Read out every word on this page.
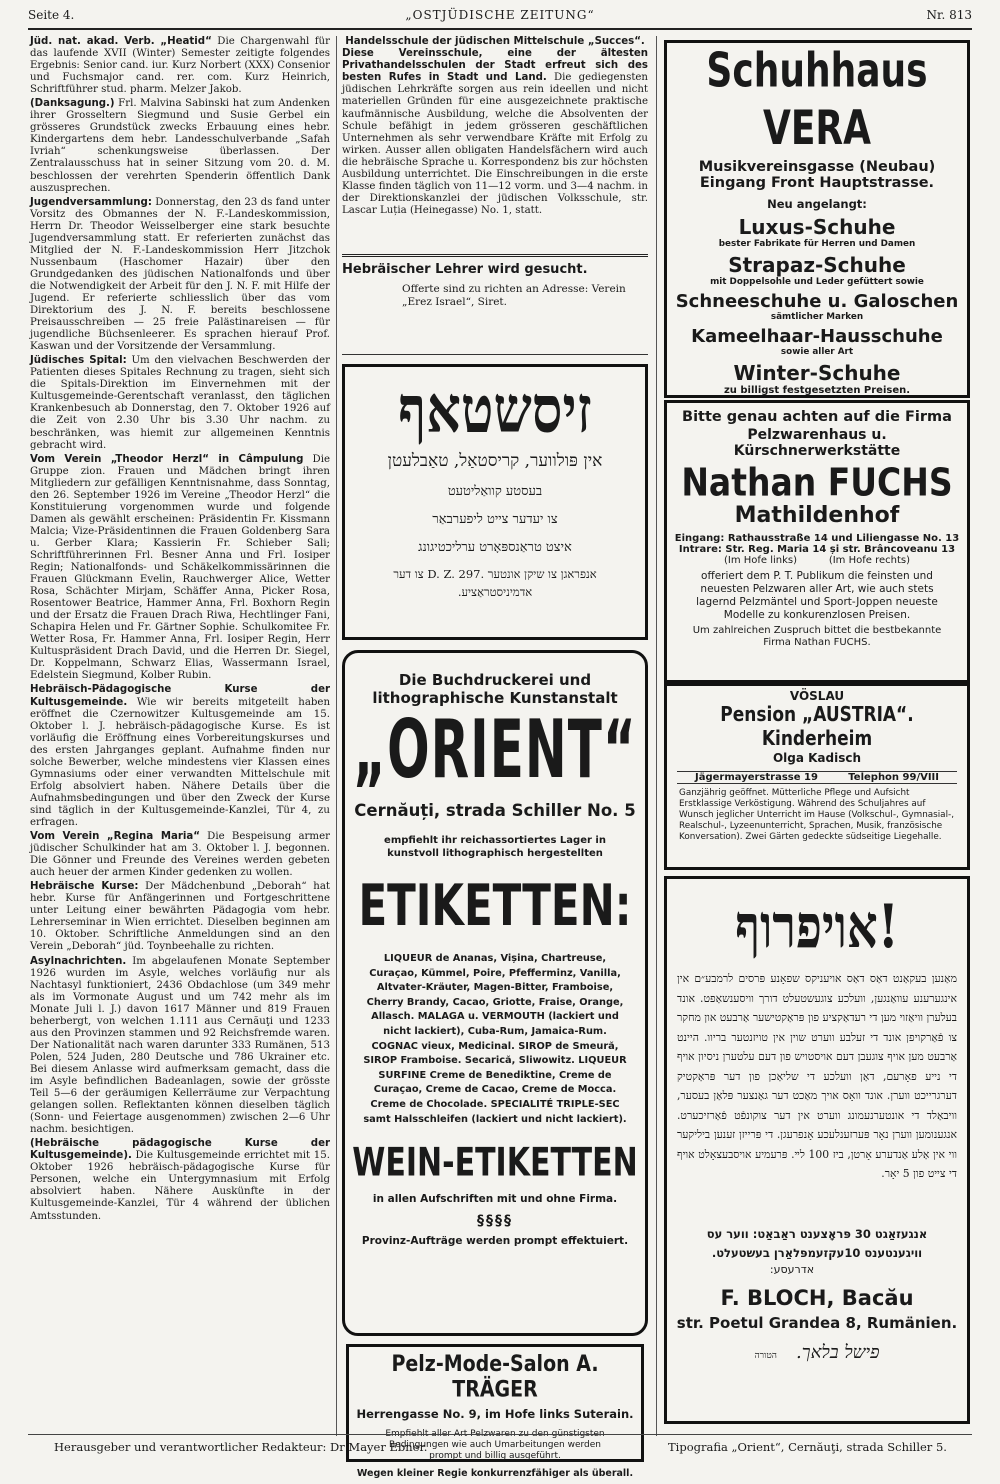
Seite 4.	„OSTJÜDISCHE ZEITUNG“	Nr. 813

Jüd. nat. akad. Verb. „Heatid“ Die Chargenwahl für das laufende XVII (Winter) Semester zeitigte folgendes Ergebnis: Senior cand. iur. Kurz Norbert (XXX) Consenior und Fuchsmajor cand. rer. com. Kurz Heinrich, Schriftführer stud. pharm. Melzer Jakob.

(Danksagung.) Frl. Malvina Sabinski hat zum Andenken ihrer Grosseltern Siegmund und Susie Gerbel ein grösseres Grundstück zwecks Erbauung eines hebr. Kindergartens dem hebr. Landesschulverbande „Safah Ivriah“ schenkungsweise überlassen. Der Zentralausschuss hat in seiner Sitzung vom 20. d. M. beschlossen der verehrten Spenderin öffentlich Dank auszusprechen.

Jugendversammlung: Donnerstag, den 23 ds fand unter Vorsitz des Obmannes der N. F.-Landeskommission, Herrn Dr. Theodor Weisselberger eine stark besuchte Jugendversammlung statt. Er referierten zunächst das Mitglied der N. F.-Landeskommission Herr Jitzchok Nussenbaum (Haschomer Hazair) über den Grundgedanken des jüdischen Nationalfonds und über die Notwendigkeit der Arbeit für den J. N. F. mit Hilfe der Jugend. Er referierte schliesslich über das vom Direktorium des J. N. F. bereits beschlossene Preisausschreiben — 25 freie Palästinareisen — für jugendliche Büchsenleerer. Es sprachen hierauf Prof. Kaswan und der Vorsitzende der Versammlung.

Jüdisches Spital: Um den vielvachen Beschwerden der Patienten dieses Spitales Rechnung zu tragen, sieht sich die Spitals-Direktion im Einvernehmen mit der Kultusgemeinde-Gerentschaft veranlasst, den täglichen Krankenbesuch ab Donnerstag, den 7. Oktober 1926 auf die Zeit von 2.30 Uhr bis 3.30 Uhr nachm. zu beschränken, was hiemit zur allgemeinen Kenntnis gebracht wird.

Vom Verein „Theodor Herzl“ in Câmpulung Die Gruppe zion. Frauen und Mädchen bringt ihren Mitgliedern zur gefälligen Kenntnisnahme, dass Sonntag, den 26. September 1926 im Vereine „Theodor Herzl“ die Konstituierung vorgenommen wurde und folgende Damen als gewählt erscheinen: Präsidentin Fr. Kissmann Malcia; Vize-Präsidentinnen die Frauen Goldenberg Sara u. Gerber Klara; Kassierin Fr. Schieber Sali; Schriftführerinnen Frl. Besner Anna und Frl. Iosiper Regin; Nationalfonds- und Schäkelkommissärinnen die Frauen Glückmann Evelin, Rauchwerger Alice, Wetter Rosa, Schächter Mirjam, Schäffer Anna, Picker Rosa, Rosentower Beatrice, Hammer Anna, Frl. Boxhorn Regin und der Ersatz die Frauen Drach Riwa, Hechtlinger Fani, Schapira Helen und Fr. Gärtner Sophie. Schulkomitee Fr. Wetter Rosa, Fr. Hammer Anna, Frl. Iosiper Regin, Herr Kultuspräsident Drach David, und die Herren Dr. Siegel, Dr. Koppelmann, Schwarz Elias, Wassermann Israel, Edelstein Siegmund, Kolber Rubin.

Hebräisch-Pädagogische Kurse der Kultusgemeinde. Wie wir bereits mitgeteilt haben eröffnet die Czernowitzer Kultusgemeinde am 15. Oktober l. J. hebräisch-pädagogische Kurse. Es ist vorläufig die Eröffnung eines Vorbereitungskurses und des ersten Jahrganges geplant. Aufnahme finden nur solche Bewerber, welche mindestens vier Klassen eines Gymnasiums oder einer verwandten Mittelschule mit Erfolg absolviert haben. Nähere Details über die Aufnahmsbedingungen und über den Zweck der Kurse sind täglich in der Kultusgemeinde-Kanzlei, Tür 4, zu erfragen.

Vom Verein „Regina Maria“ Die Bespeisung armer jüdischer Schulkinder hat am 3. Oktober l. J. begonnen. Die Gönner und Freunde des Vereines werden gebeten auch heuer der armen Kinder gedenken zu wollen.

Hebräische Kurse: Der Mädchenbund „Deborah“ hat hebr. Kurse für Anfängerinnen und Fortgeschrittene unter Leitung einer bewährten Pädagogia vom hebr. Lehrerseminar in Wien errichtet. Dieselben beginnen am 10. Oktober. Schriftliche Anmeldungen sind an den Verein „Deborah“ jüd. Toynbeehalle zu richten.

Asylnachrichten. Im abgelaufenen Monate September 1926 wurden im Asyle, welches vorläufig nur als Nachtasyl funktioniert, 2436 Obdachlose (um 349 mehr als im Vormonate August und um 742 mehr als im Monate Juli l. J.) davon 1617 Männer und 819 Frauen beherbergt, von welchen 1.111 aus Cernăuţi und 1233 aus den Provinzen stammen und 92 Reichsfremde waren. Der Nationalität nach waren darunter 333 Rumänen, 513 Polen, 524 Juden, 280 Deutsche und 786 Ukrainer etc. Bei diesem Anlasse wird aufmerksam gemacht, dass die im Asyle befindlichen Badeanlagen, sowie der grösste Teil 5—6 der geräumigen Kellerräume zur Verpachtung gelangen sollen. Reflektanten können dieselben täglich (Sonn- und Feiertage ausgenommen) zwischen 2—6 Uhr nachm. besichtigen.

(Hebräische pädagogische Kurse der Kultusgemeinde). Die Kultusgemeinde errichtet mit 15. Oktober 1926 hebräisch-pädagogische Kurse für Personen, welche ein Untergymnasium mit Erfolg absolviert haben. Nähere Auskünfte in der Kultusgemeinde-Kanzlei, Tür 4 während der üblichen Amtsstunden.

Handelsschule der jüdischen Mittelschule „Succes“.
Diese Vereinsschule, eine der ältesten Privathandelsschulen der Stadt erfreut sich des besten Rufes in Stadt und Land. Die gediegensten jüdischen Lehrkräfte sorgen aus rein ideellen und nicht materiellen Gründen für eine ausgezeichnete praktische kaufmännische Ausbildung, welche die Absolventen der Schule befähigt in jedem grösseren geschäftlichen Unternehmen als sehr verwendbare Kräfte mit Erfolg zu wirken. Ausser allen obligaten Handelsfächern wird auch die hebräische Sprache u. Korrespondenz bis zur höchsten Ausbildung unterrichtet. Die Einschreibungen in die erste Klasse finden täglich von 11—12 vorm. und 3—4 nachm. in der Direktionskanzlei der jüdischen Volksschule, str. Lascar Luția (Heinegasse) No. 1, statt.
Hebräischer Lehrer wird gesucht.
Offerte sind zu richten an Adresse: Verein „Erez Israel“, Siret.
זיסשטאף
אין פּולווער, קריסטאַל, טאַבלעטן
בעסטע קוואַליטעט
צו יעדער צייט ליפערבאַר
איצט טראַנספּאָרט ערליכטיגונג
אנפראגן צו שיקן אונטער .D. Z. 297 צו דער
אדמיניסטראַציע.
Die Buchdruckerei und
lithographische Kunstanstalt
„ORIENT“
Cernăuți, strada Schiller No. 5
empfiehlt ihr reichassortiertes Lager in kunstvoll lithographisch hergestellten
ETIKETTEN:
LIQUEUR de Ananas, Vișina, Chartreuse, Curaçao, Kümmel, Poire, Pfefferminz, Vanilla, Altvater-Kräuter, Magen-Bitter, Framboise, Cherry Brandy, Cacao, Griotte, Fraise, Orange, Allasch. MALAGA u. VERMOUTH (lackiert und nicht lackiert), Cuba-Rum, Jamaica-Rum. COGNAC vieux, Medicinal. SIROP de Smeură, SIROP Framboise. Secarică, Sliwowitz. LIQUEUR SURFINE Creme de Benediktine, Creme de Curaçao, Creme de Cacao, Creme de Mocca. Creme de Chocolade. SPECIALITÉ TRIPLE-SEC samt Halsschleifen (lackiert und nicht lackiert).
WEIN-ETIKETTEN
in allen Aufschriften mit und ohne Firma.
§§§§
Provinz-Aufträge werden prompt effektuiert.
Pelz-Mode-Salon A. TRÄGER
Herrengasse No. 9, im Hofe links Suterain.
Empfiehlt aller Art Pelzwaren zu den günstigsten Bedingungen wie auch Umarbeitungen werden prompt und billig ausgeführt.
Wegen kleiner Regie konkurrenzfähiger als überall.
Schuhhaus VERA
Musikvereinsgasse (Neubau)
Eingang Front Hauptstrasse.
Neu angelangt:
Luxus-Schuhe
bester Fabrikate für Herren und Damen
Strapaz-Schuhe
mit Doppelsohle und Leder gefüttert sowie
Schneeschuhe u. Galoschen
sämtlicher Marken
Kameelhaar-Hausschuhe
sowie aller Art
Winter-Schuhe
zu billigst festgesetzten Preisen.
Bitte genau achten auf die Firma
Pelzwarenhaus u. Kürschnerwerkstätte
Nathan FUCHS
Mathildenhof
Eingang: Rathausstraße 14 und Liliengasse No. 13
Intrare: Str. Reg. Maria 14 și str. Brâncoveanu 13
(Im Hofe links)          (Im Hofe rechts)
offeriert dem P. T. Publikum die feinsten und neuesten Pelzwaren aller Art, wie auch stets lagernd Pelzmäntel und Sport-Joppen neueste Modelle zu konkurenzlosen Preisen.
Um zahlreichen Zuspruch bittet die bestbekannte Firma Nathan FUCHS.
VÖSLAU
Pension „AUSTRIA“. Kinderheim
Olga Kadisch
Jägermayerstrasse 19	Telephon 99/VIII
Ganzjährig geöffnet. Mütterliche Pflege und Aufsicht Erstklassige Verköstigung. Während des Schuljahres auf Wunsch jeglicher Unterricht im Hause (Volkschul-, Gymnasial-, Realschul-, Lyzeenunterricht, Sprachen, Musik, französische Konversation). Zwei Gärten gedeckte südseitige Liegehalle.
!אויפרוף
מאַנען בעקאַנט דאַס דאַס אויעניקס שפאָנע פּרסים לרמבע״ם אין אינגערענע עוואַנגען, וועלכע צוגעשטעלט דורך וויסענשאַפט. אונד בעלערן וויאַזוי מען די רעדאַקציע פון פּראַקטישער אַרבעט און מחקר צו פֿאַרקויפן אונד די זעלבע ווערט שוין אין טויזנטער בריוו. היינט אַרבעט מען אויף צוגעבן דעם אויסטויש פון דעם עלטערן ניסיון אויף די נייע פאָרעם, דאַן וועלכע די שליאַכן פון דער פּראַקטיק דערגרייכט ווערן. אונד וואָס אויך מאַכט דער גאַנצער פּלאַן בעסער, וויבאַלד די אונטערנעמונג ווערט אין דער צוקונפֿט פֿאַרזיכערט. אנגענומען ווערן נאָר פּערזענלעכע אָנפרעגן. די פּרייזן זענען ביליקער ווי אין אַלע אַנדערע אָרטן, ביז 100 לײ. פּרעמיע אויסבעצאָלט אויף די צייט פון 5 יאָר.
אנגעזאַגט 30 פּראָצענט ראַבאַט: ווער עס
וויגענטענס 10עקזעמפּלאַרן בעשטעלט.
אדרעסע:
F. BLOCH, Bacău
str. Poetul Grandea 8, Rumänien.
פישל בלאך. הטורה
Herausgeber und verantwortlicher Redakteur: Dr Mayer Ebner.	Tipografia „Orient“, Cernăuţi, strada Schiller 5.
